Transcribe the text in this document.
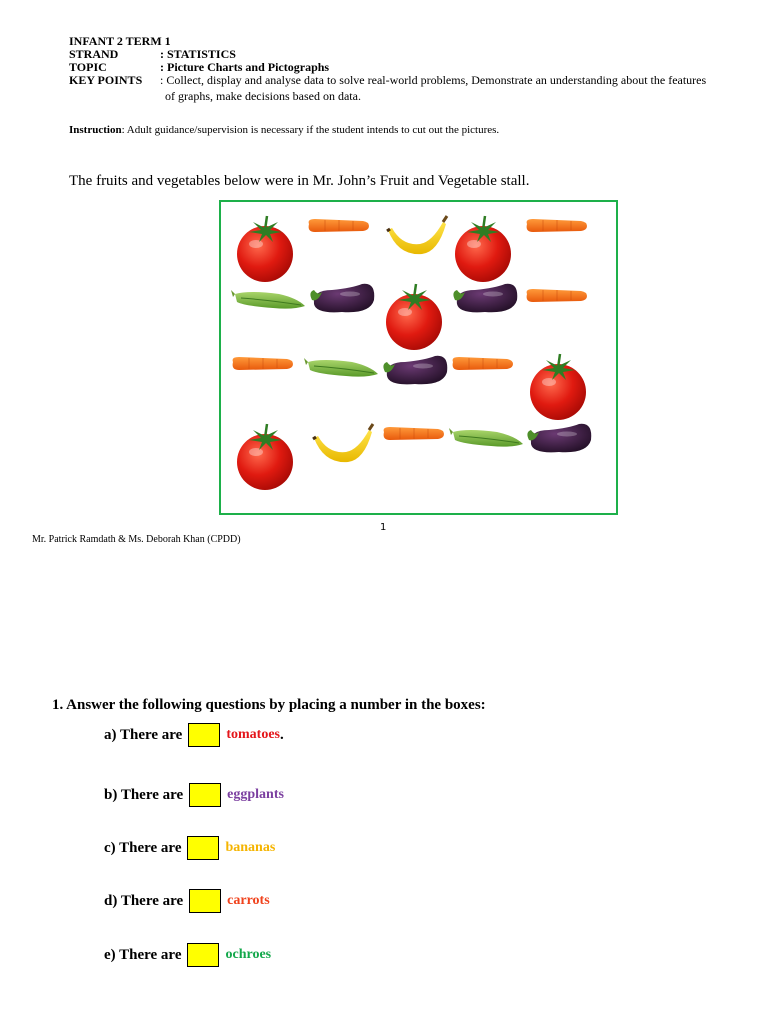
INFANT 2 TERM 1
STRAND	: STATISTICS
TOPIC	: Picture Charts and Pictographs
KEY POINTS : Collect, display and analyse data to solve real-world problems, Demonstrate an understanding about the features
of graphs, make decisions based on data.
Instruction: Adult guidance/supervision is necessary if the student intends to cut out the pictures.
The fruits and vegetables below were in Mr. John’s Fruit and Vegetable stall.
1
Mr. Patrick Ramdath & Ms. Deborah Khan (CPDD)
1. Answer the following questions by placing a number in the boxes:
a) There are	tomatoes .
b) There are	eggplants
c) There are	bananas
d) There are	carrots
e) There are	ochroes
